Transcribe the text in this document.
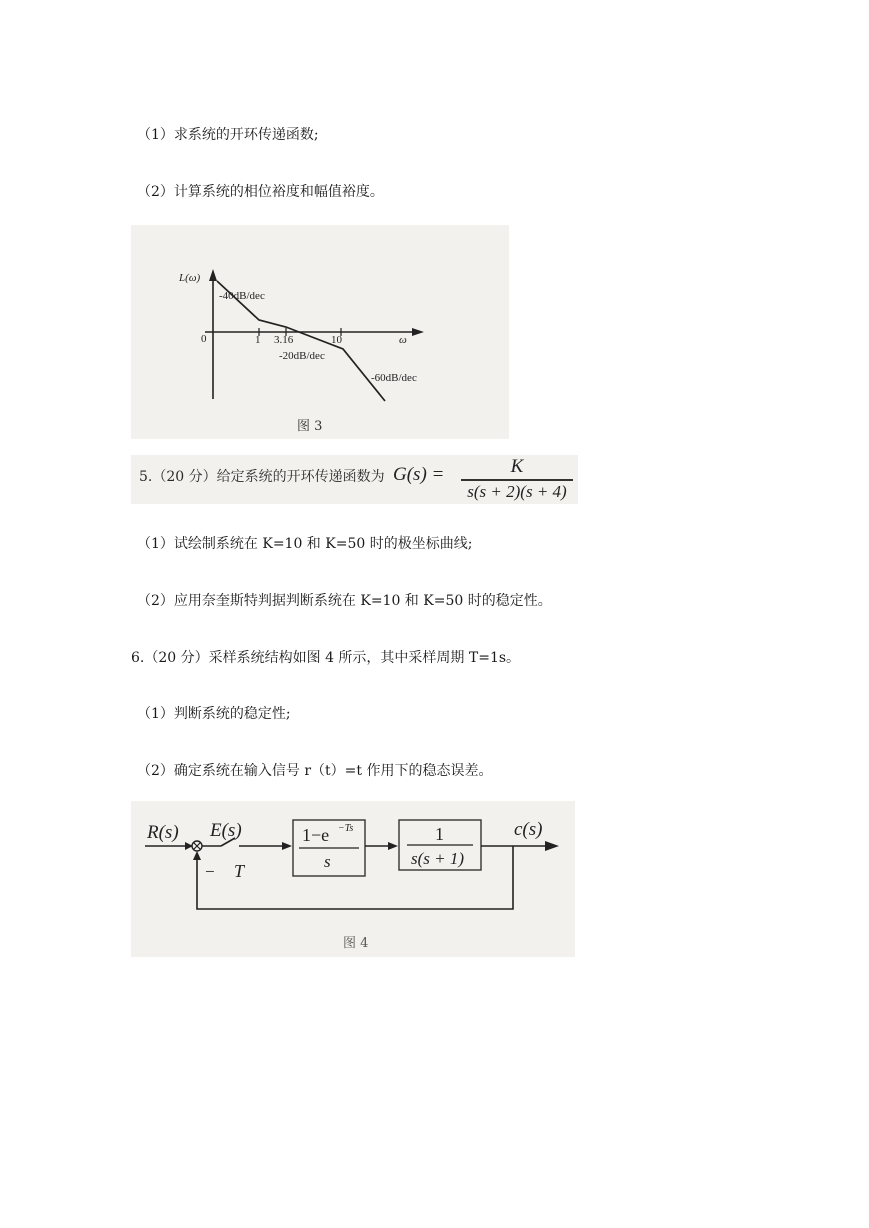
（1）求系统的开环传递函数;
（2）计算系统的相位裕度和幅值裕度。
L(ω)
ω
0	1 3.16	10
-40dB/dec
-20dB/dec
-60dB/dec
图 3
5.（20 分）给定系统的开环传递函数为 G(s) =	K
s(s + 2)(s + 4)
（1）试绘制系统在 K=10 和 K=50 时的极坐标曲线;
（2）应用奈奎斯特判据判断系统在 K=10 和 K=50 时的稳定性。
6.（20 分）采样系统结构如图 4 所示，其中采样周期 T=1s。
（1）判断系统的稳定性;
（2）确定系统在输入信号 r（t）=t 作用下的稳态误差。
R(s) E(s)
− T
1−e −Ts
s
1
s(s + 1)
c(s)
图 4
